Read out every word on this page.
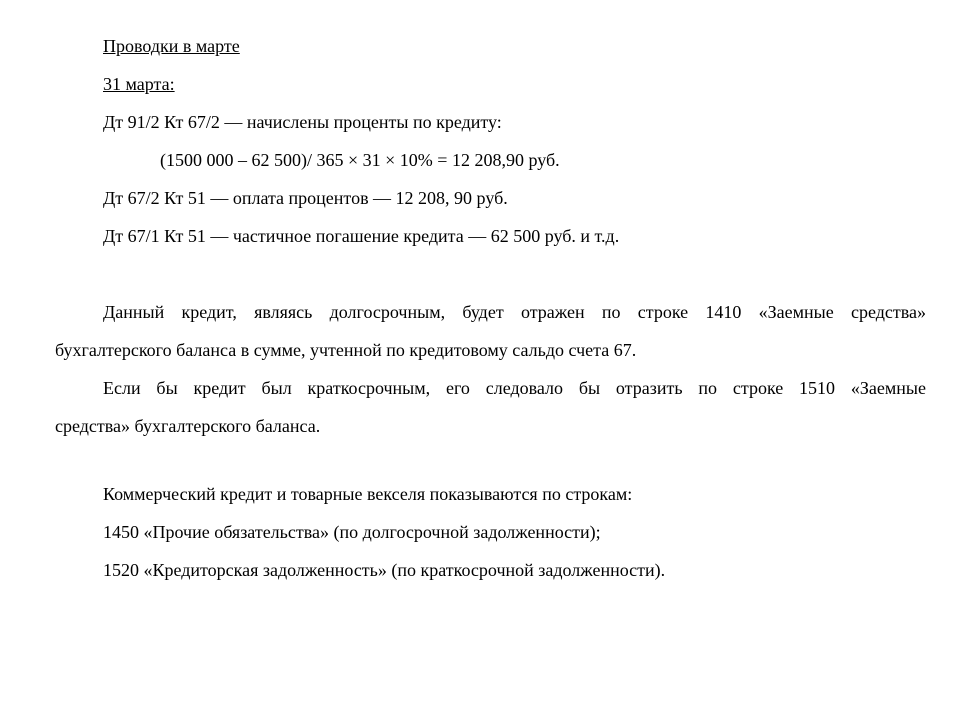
Проводки в марте
31 марта:
Дт 91/2 Кт 67/2 — начислены проценты по кредиту:
(1500 000 – 62 500)/ 365 × 31 × 10% = 12 208,90 руб.
Дт 67/2 Кт 51 — оплата процентов — 12 208, 90 руб.
Дт 67/1 Кт 51 — частичное погашение кредита — 62 500 руб. и т.д.
Данный кредит, являясь долгосрочным, будет отражен по строке 1410 «Заемные средства»
бухгалтерского баланса в сумме, учтенной по кредитовому сальдо счета 67.
Если бы кредит был краткосрочным, его следовало бы отразить по строке 1510 «Заемные
средства» бухгалтерского баланса.
Коммерческий кредит и товарные векселя показываются по строкам:
1450 «Прочие обязательства» (по долгосрочной задолженности);
1520 «Кредиторская задолженность» (по краткосрочной задолженности).
